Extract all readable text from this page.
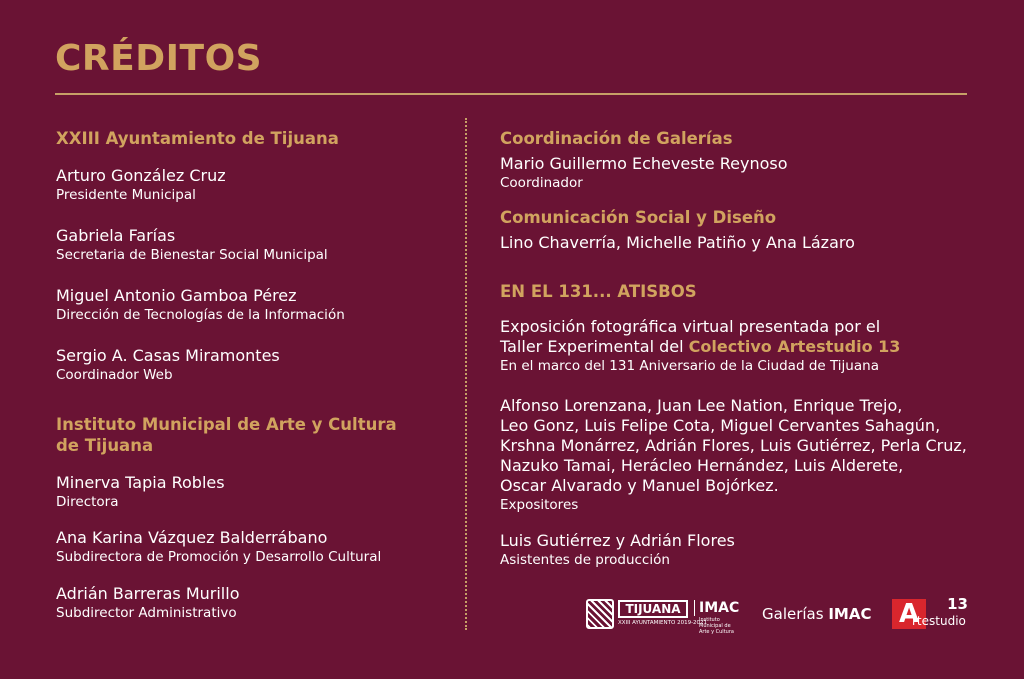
CRÉDITOS
XXIII Ayuntamiento de Tijuana
Arturo González Cruz
Presidente Municipal
Gabriela Farías
Secretaria de Bienestar Social Municipal
Miguel Antonio Gamboa Pérez
Dirección de Tecnologías de la Información
Sergio A. Casas Miramontes
Coordinador Web
Instituto Municipal de Arte y Cultura
de Tijuana
Minerva Tapia Robles
Directora
Ana Karina Vázquez Balderrábano
Subdirectora de Promoción y Desarrollo Cultural
Adrián Barreras Murillo
Subdirector Administrativo
Coordinación de Galerías
Mario Guillermo Echeveste Reynoso
Coordinador
Comunicación Social y Diseño
Lino Chaverría, Michelle Patiño y Ana Lázaro
EN EL 131... ATISBOS
Exposición fotográfica virtual presentada por el
Taller Experimental del Colectivo Artestudio 13
En el marco del 131 Aniversario de la Ciudad de Tijuana
Alfonso Lorenzana, Juan Lee Nation, Enrique Trejo,
Leo Gonz, Luis Felipe Cota, Miguel Cervantes Sahagún,
Krshna Monárrez, Adrián Flores, Luis Gutiérrez, Perla Cruz,
Nazuko Tamai, Herácleo Hernández, Luis Alderete,
Oscar Alvarado y Manuel Bojórkez.
Expositores
Luis Gutiérrez y Adrián Flores
Asistentes de producción
TIJUANA
XXIII AYUNTAMIENTO 2019-2021
IMAC
Instituto Municipal de Arte y Cultura
Galerías IMAC A	13
rtestudio
